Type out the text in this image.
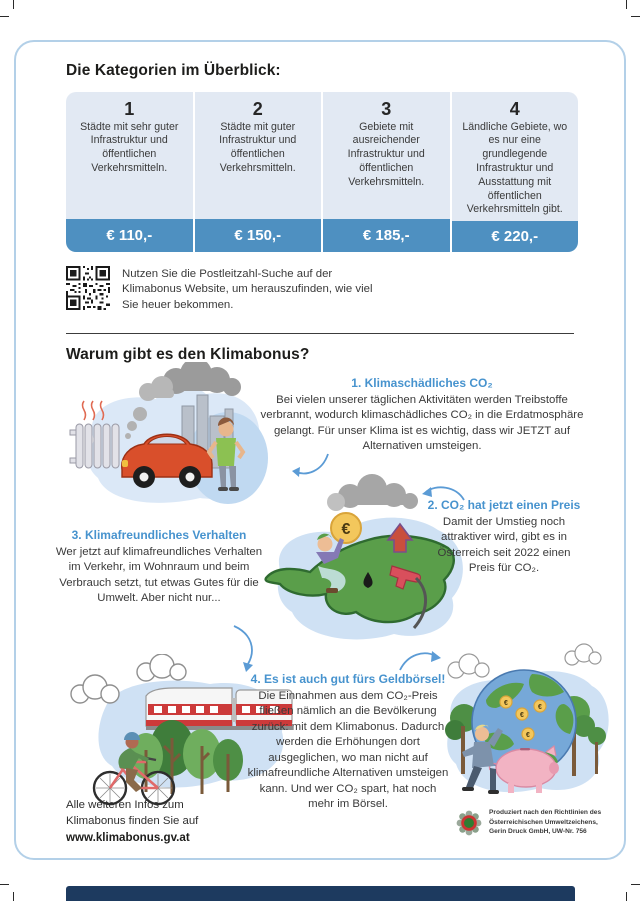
Die Kategorien im Überblick:
1
Städte mit sehr guter Infrastruktur und öffentlichen Verkehrsmitteln.
€ 110,-
2
Städte mit guter Infrastruktur und öffentlichen Verkehrsmitteln.
€ 150,-
3
Gebiete mit ausreichender Infrastruktur und öffentlichen Verkehrsmitteln.
€ 185,-
4
Ländliche Gebiete, wo es nur eine grundlegende Infrastruktur und Ausstattung mit öffentlichen Verkehrsmitteln gibt.
€ 220,-

Nutzen Sie die Postleitzahl-Suche auf der Klimabonus Website, um herauszufinden, wie viel Sie heuer bekommen.

Warum gibt es den Klimabonus?
1. Klimaschädliches CO₂

Bei vielen unserer täglichen Aktivitäten werden Treibstoffe verbrannt, wodurch klimaschädliches CO₂ in die Erdatmosphäre gelangt. Für unser Klima ist es wichtig, dass wir JETZT auf Alternativen umsteigen.

€
2. CO₂ hat jetzt einen Preis

Damit der Umstieg noch attraktiver wird, gibt es in Österreich seit 2022 einen Preis für CO₂.

3. Klimafreundliches Verhalten

Wer jetzt auf klimafreundliches Verhalten im Verkehr, im Wohnraum und beim Verbrauch setzt, tut etwas Gutes für die Umwelt. Aber nicht nur...

4. Es ist auch gut fürs Geldbörsel!

Die Einnahmen aus dem CO₂-Preis fließen nämlich an die Bevölkerung zurück: mit dem Klimabonus. Dadurch werden die Erhöhungen dort ausgeglichen, wo man nicht auf klimafreundliche Alternativen umsteigen kann. Und wer CO₂ spart, hat noch mehr im Börsel.

€
€
€
€
Alle weiteren Infos zum Klimabonus finden Sie auf
www.klimabonus.gv.at
Produziert nach den Richtlinien des Österreichischen Umweltzeichens, Gerin Druck GmbH, UW-Nr. 756
